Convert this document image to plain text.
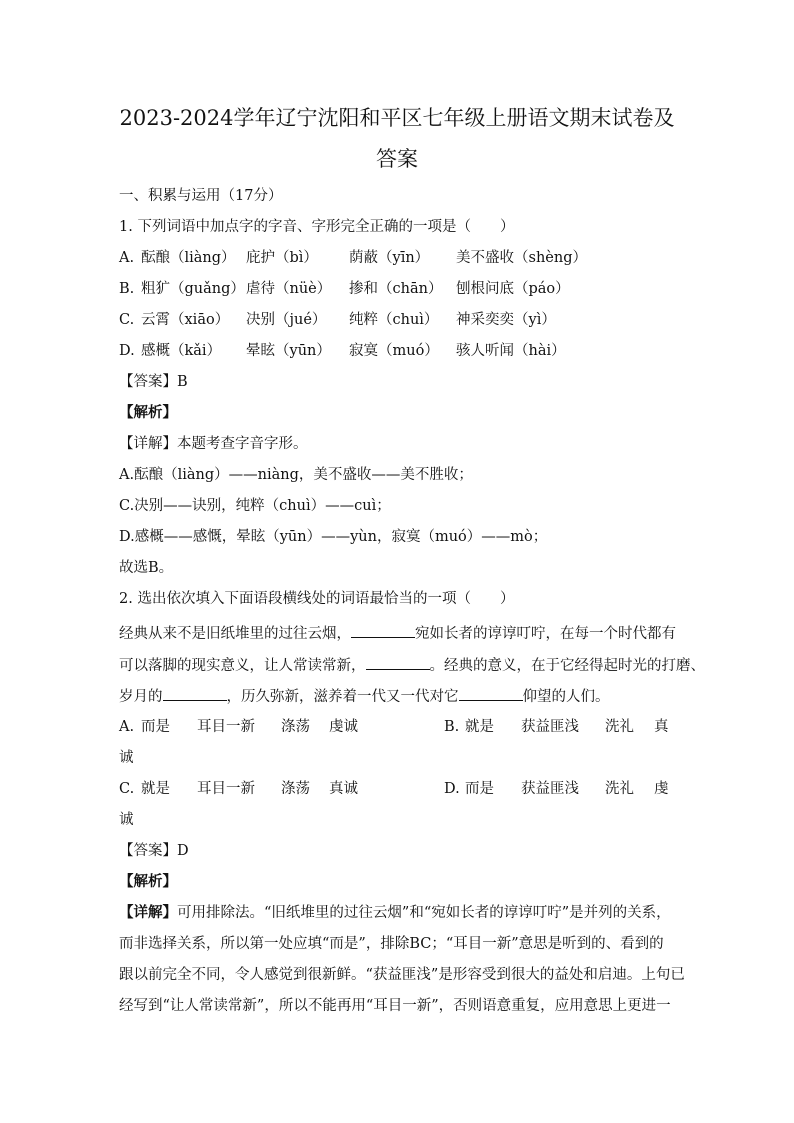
2023-2024学年辽宁沈阳和平区七年级上册语文期末试卷及
答案
一、积累与运用（17分）
1. 下列词语中加点字的字音、字形完全正确的一项是（　　）
A. 酝酿（liàng） 庇护（bì） 荫蔽（yīn） 美不盛收（shèng）
B. 粗犷（guǎng） 虐待（nüè） 掺和（chān） 刨根问底（páo）
C. 云霄（xiāo） 决别（jué） 纯粹（chuì） 神采奕奕（yì）
D. 感概（kǎi） 晕眩（yūn） 寂寞（muó） 骇人听闻（hài）
【答案】B
【解析】
【详解】本题考查字音字形。
A.酝酿（liàng）——niàng，美不盛收——美不胜收；
C.决别——诀别，纯粹（chuì）——cuì；
D.感概——感慨，晕眩（yūn）——yùn，寂寞（muó）——mò；
故选B。
2. 选出依次填入下面语段横线处的词语最恰当的一项（　　）
经典从来不是旧纸堆里的过往云烟，	宛如长者的谆谆叮咛，在每一个时代都有
可以落脚的现实意义，让人常读常新，	。经典的意义，在于它经得起时光的打磨、
岁月的	，历久弥新，滋养着一代又一代对它	仰望的人们。
A. 而是 耳目一新 涤荡 虔诚	B. 就是 获益匪浅 洗礼 真
诚
C. 就是 耳目一新 涤荡 真诚	D. 而是 获益匪浅 洗礼 虔
诚
【答案】D
【解析】
【详解】可用排除法。“旧纸堆里的过往云烟”和“宛如长者的谆谆叮咛”是并列的关系，
而非选择关系，所以第一处应填“而是”，排除BC；“耳目一新”意思是听到的、看到的
跟以前完全不同，令人感觉到很新鲜。“获益匪浅”是形容受到很大的益处和启迪。上句已
经写到“让人常读常新”，所以不能再用“耳目一新”，否则语意重复，应用意思上更进一
